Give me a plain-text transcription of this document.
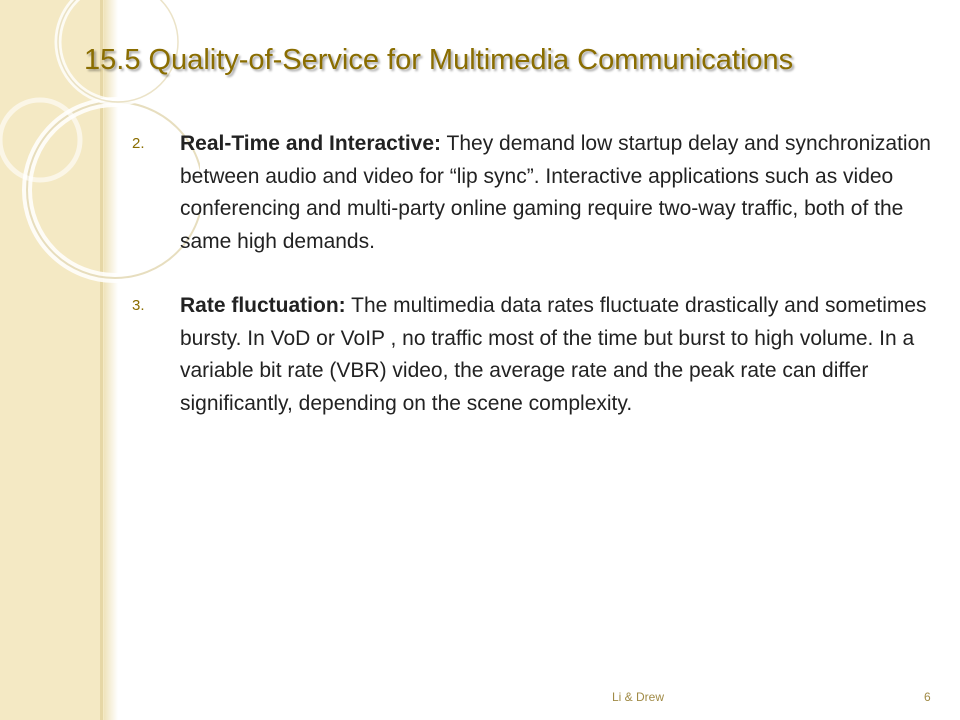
15.5 Quality-of-Service for Multimedia Communications
2. Real-Time and Interactive: They demand low startup delay and synchronization between audio and video for “lip sync”. Interactive applications such as video conferencing and multi-party online gaming require two-way traffic, both of the same high demands.
3. Rate fluctuation: The multimedia data rates fluctuate drastically and sometimes bursty. In VoD or VoIP , no traffic most of the time but burst to high volume. In a variable bit rate (VBR) video, the average rate and the peak rate can differ significantly, depending on the scene complexity.
Li & Drew	6
